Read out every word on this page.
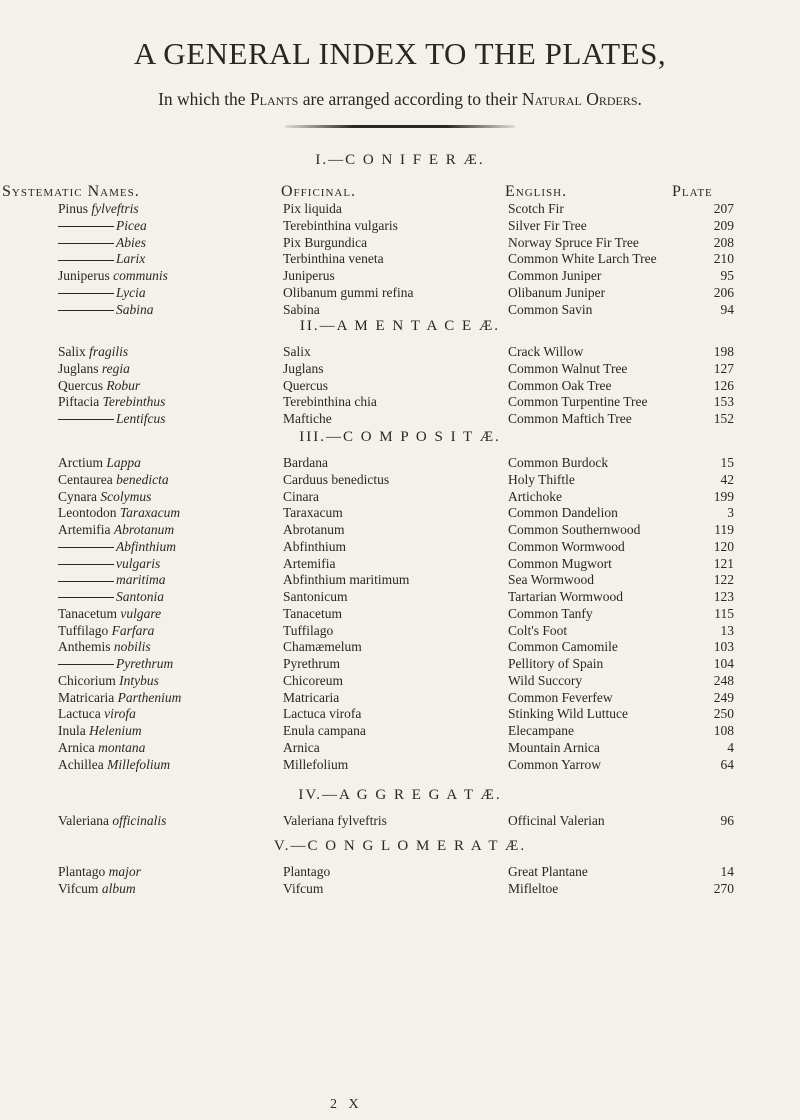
A GENERAL INDEX TO THE PLATES,

In which the Plants are arranged according to their Natural Orders.

Systematic Names.	Officinal.	English.	Plate
I.—C O N I F E R Æ.
Pinus fylveftris	Pix liquida	Scotch Fir	207
Picea	Terebinthina vulgaris	Silver Fir Tree	209
Abies	Pix Burgundica	Norway Spruce Fir Tree	208
Larix	Terbinthina veneta	Common White Larch Tree	210
Juniperus communis	Juniperus	Common Juniper	95
Lycia	Olibanum gummi refina	Olibanum Juniper	206
Sabina	Sabina	Common Savin	94
II.—A M E N T A C E Æ.
Salix fragilis	Salix	Crack Willow	198
Juglans regia	Juglans	Common Walnut Tree	127
Quercus Robur	Quercus	Common Oak Tree	126
Piftacia Terebinthus	Terebinthina chia	Common Turpentine Tree	153
Lentifcus	Maftiche	Common Maftich Tree	152
III.—C O M P O S I T Æ.
Arctium Lappa	Bardana	Common Burdock	15
Centaurea benedicta	Carduus benedictus	Holy Thiftle	42
Cynara Scolymus	Cinara	Artichoke	199
Leontodon Taraxacum	Taraxacum	Common Dandelion	3
Artemifia Abrotanum	Abrotanum	Common Southernwood	119
Abfinthium	Abfinthium	Common Wormwood	120
vulgaris	Artemifia	Common Mugwort	121
maritima	Abfinthium maritimum	Sea Wormwood	122
Santonia	Santonicum	Tartarian Wormwood	123
Tanacetum vulgare	Tanacetum	Common Tanfy	115
Tuffilago Farfara	Tuffilago	Colt's Foot	13
Anthemis nobilis	Chamæmelum	Common Camomile	103
Pyrethrum	Pyrethrum	Pellitory of Spain	104
Chicorium Intybus	Chicoreum	Wild Succory	248
Matricaria Parthenium	Matricaria	Common Feverfew	249
Lactuca virofa	Lactuca virofa	Stinking Wild Luttuce	250
Inula Helenium	Enula campana	Elecampane	108
Arnica montana	Arnica	Mountain Arnica	4
Achillea Millefolium	Millefolium	Common Yarrow	64
IV.—A G G R E G A T Æ.
Valeriana officinalis	Valeriana fylveftris	Officinal Valerian	96
V.—C O N G L O M E R A T Æ.
Plantago major	Plantago	Great Plantane	14
Vifcum album	Vifcum	Mifleltoe	270
2 X
